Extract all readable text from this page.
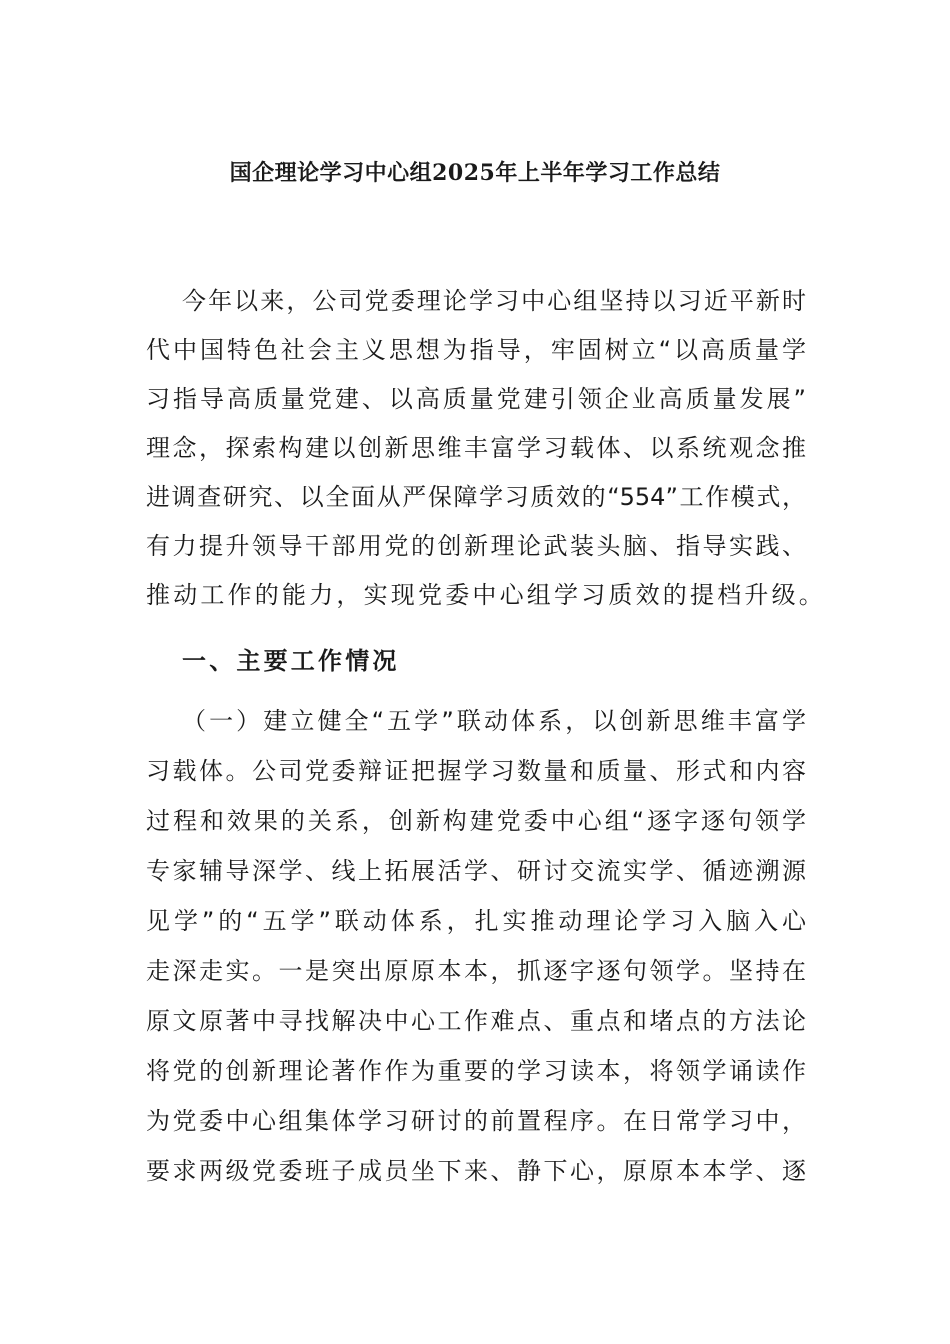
国企理论学习中心组2025年上半年学习工作总结
今年以来，公司党委理论学习中心组坚持以习近平新时
代中国特色社会主义思想为指导，牢固树立“以高质量学
习指导高质量党建、以高质量党建引领企业高质量发展”
理念，探索构建以创新思维丰富学习载体、以系统观念推
进调查研究、以全面从严保障学习质效的“554”工作模式，
有力提升领导干部用党的创新理论武装头脑、指导实践、
推动工作的能力，实现党委中心组学习质效的提档升级。
一、主要工作情况
（一）建立健全“五学”联动体系，以创新思维丰富学
习载体。公司党委辩证把握学习数量和质量、形式和内容
过程和效果的关系，创新构建党委中心组“逐字逐句领学
专家辅导深学、线上拓展活学、研讨交流实学、循迹溯源
见学”的“五学”联动体系，扎实推动理论学习入脑入心
走深走实。一是突出原原本本，抓逐字逐句领学。坚持在
原文原著中寻找解决中心工作难点、重点和堵点的方法论
将党的创新理论著作作为重要的学习读本，将领学诵读作
为党委中心组集体学习研讨的前置程序。在日常学习中，
要求两级党委班子成员坐下来、静下心，原原本本学、逐
